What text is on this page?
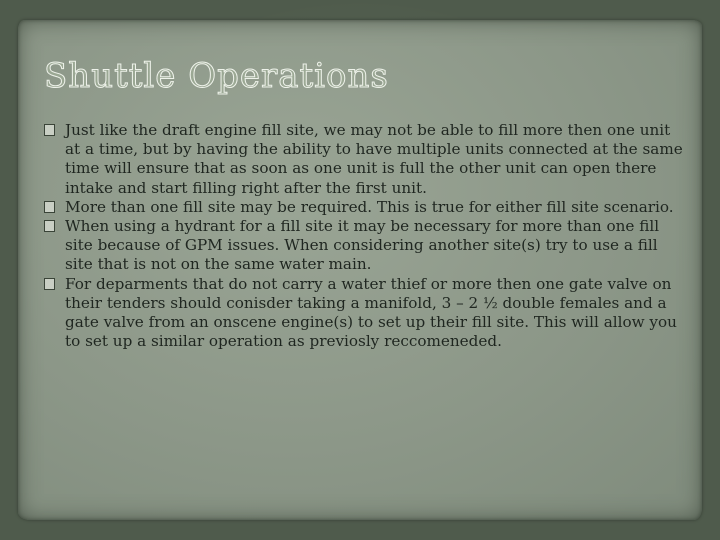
Shuttle Operations
Just like the draft engine fill site, we may not be able to fill more then one unit at a time, but by having the ability to have multiple units connected at the same time will ensure that as soon as one unit is full the other unit can open there intake and start filling right after the first unit.
More than one fill site may be required. This is true for either fill site scenario.
When using a hydrant for a fill site it may be necessary for more than one fill site because of GPM issues. When considering another site(s) try to use a fill site that is not on the same water main.
For deparments that do not carry a water thief or more then one gate valve on their tenders should conisder taking a manifold, 3 – 2 ½ double females and a gate valve from an onscene engine(s) to set up their fill site. This will allow you to set up a similar operation as previosly reccomeneded.
